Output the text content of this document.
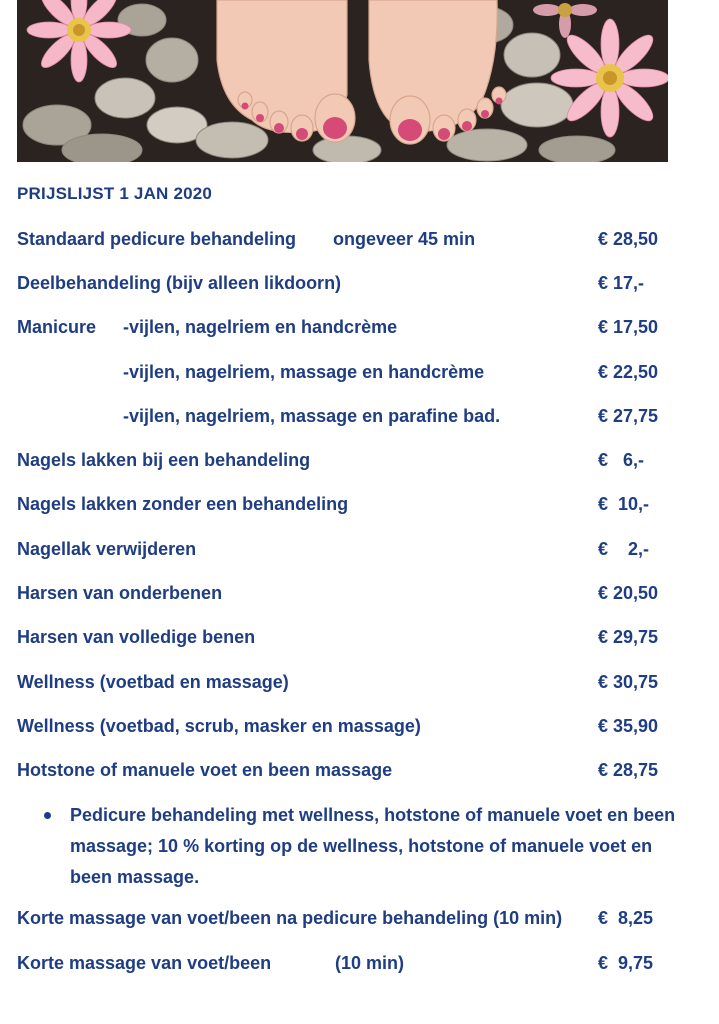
PRIJSLIJST 1 JAN 2020
Standaard pedicure behandeling ongeveer 45 min	€ 28,50
Deelbehandeling (bijv alleen likdoorn)	€ 17,-
Manicure -vijlen, nagelriem en handcrème	€ 17,50
-vijlen, nagelriem, massage en handcrème	€ 22,50
-vijlen, nagelriem, massage en parafine bad.	€ 27,75
Nagels lakken bij een behandeling	€   6,-
Nagels lakken zonder een behandeling	€  10,-
Nagellak verwijderen	€    2,-
Harsen van onderbenen	€ 20,50
Harsen van volledige benen	€ 29,75
Wellness (voetbad en massage)	€ 30,75
Wellness (voetbad, scrub, masker en massage)	€ 35,90
Hotstone of manuele voet en been massage	€ 28,75
Pedicure behandeling met wellness, hotstone of manuele voet en been
massage; 10 % korting op de wellness, hotstone of manuele voet en
been massage.
Korte massage van voet/been na pedicure behandeling (10 min) €  8,25
Korte massage van voet/been	(10 min)	€  9,75
